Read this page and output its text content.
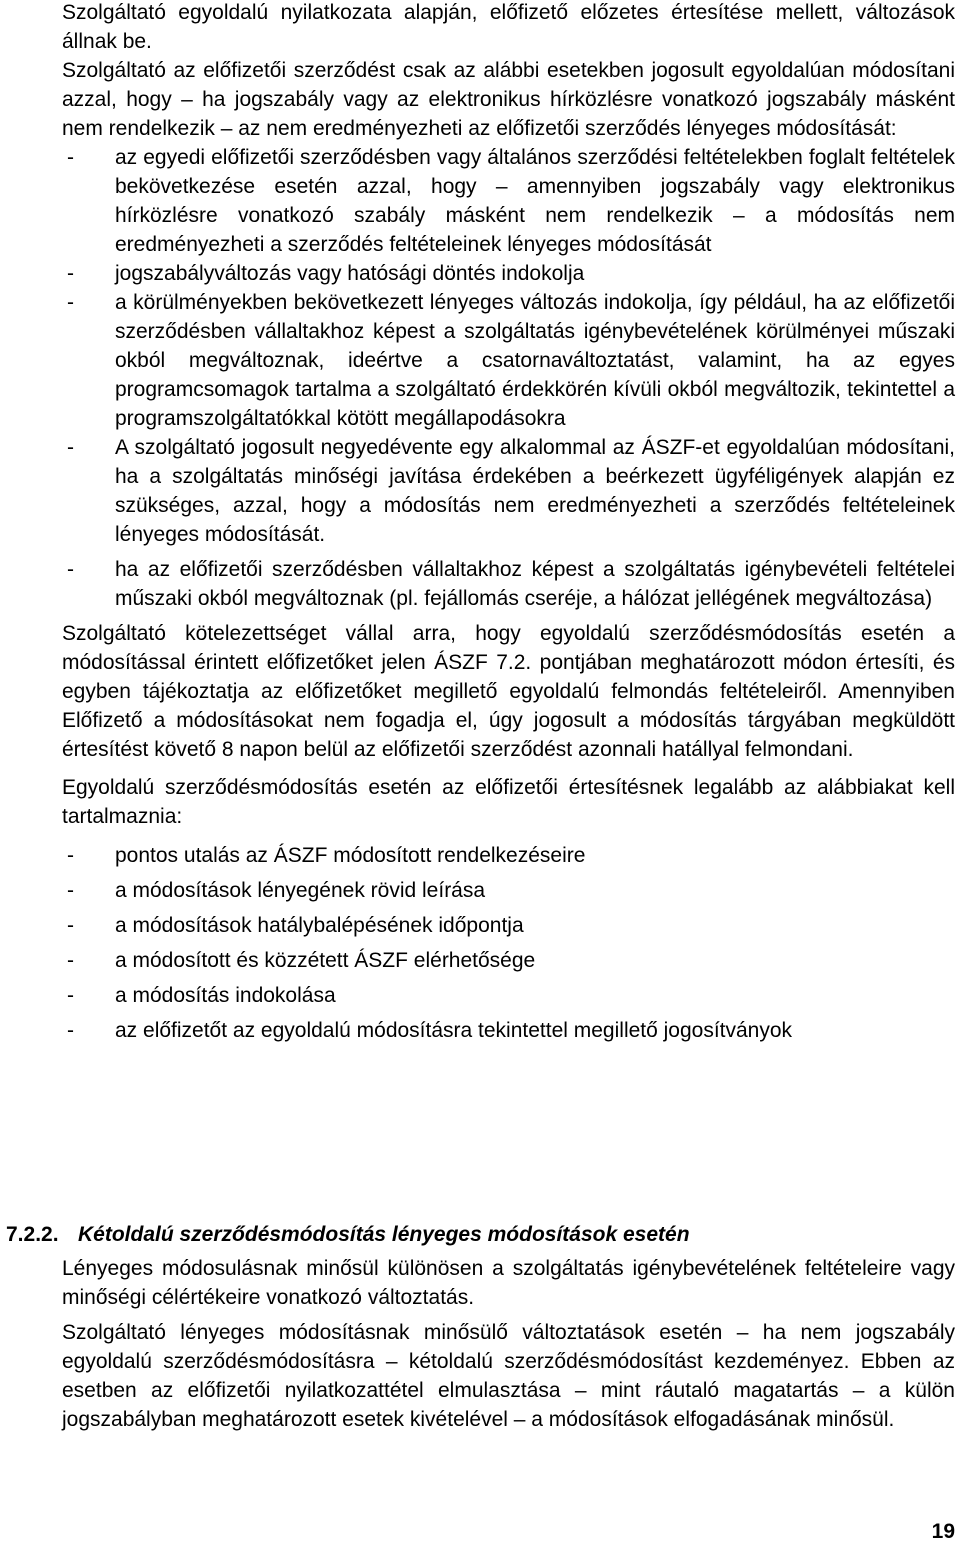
Szolgáltató egyoldalú nyilatkozata alapján, előfizető előzetes értesítése mellett, változások állnak be.

Szolgáltató az előfizetői szerződést csak az alábbi esetekben jogosult egyoldalúan módosítani azzal, hogy – ha jogszabály vagy az elektronikus hírközlésre vonatkozó jogszabály másként nem rendelkezik – az nem eredményezheti az előfizetői szerződés lényeges módosítását:

- az egyedi előfizetői szerződésben vagy általános szerződési feltételekben foglalt feltételek bekövetkezése esetén azzal, hogy – amennyiben jogszabály vagy elektronikus hírközlésre vonatkozó szabály másként nem rendelkezik – a módosítás nem eredményezheti a szerződés feltételeinek lényeges módosítását
- jogszabályváltozás vagy hatósági döntés indokolja
- a körülményekben bekövetkezett lényeges változás indokolja, így például, ha az előfizetői szerződésben vállaltakhoz képest a szolgáltatás igénybevételének körülményei műszaki okból megváltoznak, ideértve a csatornaváltoztatást, valamint, ha az egyes programcsomagok tartalma a szolgáltató érdekkörén kívüli okból megváltozik, tekintettel a programszolgáltatókkal kötött megállapodásokra
- A szolgáltató jogosult negyedévente egy alkalommal az ÁSZF-et egyoldalúan módosítani, ha a szolgáltatás minőségi javítása érdekében a beérkezett ügyféligények alapján ez szükséges, azzal, hogy a módosítás nem eredményezheti a szerződés feltételeinek lényeges módosítását.
- ha az előfizetői szerződésben vállaltakhoz képest a szolgáltatás igénybevételi feltételei műszaki okból megváltoznak (pl. fejállomás cseréje, a hálózat jellégének megváltozása)

Szolgáltató kötelezettséget vállal arra, hogy egyoldalú szerződésmódosítás esetén a módosítással érintett előfizetőket jelen ÁSZF 7.2. pontjában meghatározott módon értesíti, és egyben tájékoztatja az előfizetőket megillető egyoldalú felmondás feltételeiről. Amennyiben Előfizető a módosításokat nem fogadja el, úgy jogosult a módosítás tárgyában megküldött értesítést követő 8 napon belül az előfizetői szerződést azonnali hatállyal felmondani.

Egyoldalú szerződésmódosítás esetén az előfizetői értesítésnek legalább az alábbiakat kell tartalmaznia:

- pontos utalás az ÁSZF módosított rendelkezéseire
- a módosítások lényegének rövid leírása
- a módosítások hatálybalépésének időpontja
- a módosított és közzétett ÁSZF elérhetősége
- a módosítás indokolása
- az előfizetőt az egyoldalú módosításra tekintettel megillető jogosítványok
7.2.2. Kétoldalú szerződésmódosítás lényeges módosítások esetén

Lényeges módosulásnak minősül különösen a szolgáltatás igénybevételének feltételeire vagy minőségi célértékeire vonatkozó változtatás.

Szolgáltató lényeges módosításnak minősülő változtatások esetén – ha nem jogszabály egyoldalú szerződésmódosításra – kétoldalú szerződésmódosítást kezdeményez. Ebben az esetben az előfizetői nyilatkozattétel elmulasztása – mint ráutaló magatartás – a külön jogszabályban meghatározott esetek kivételével – a módosítások elfogadásának minősül.

19
